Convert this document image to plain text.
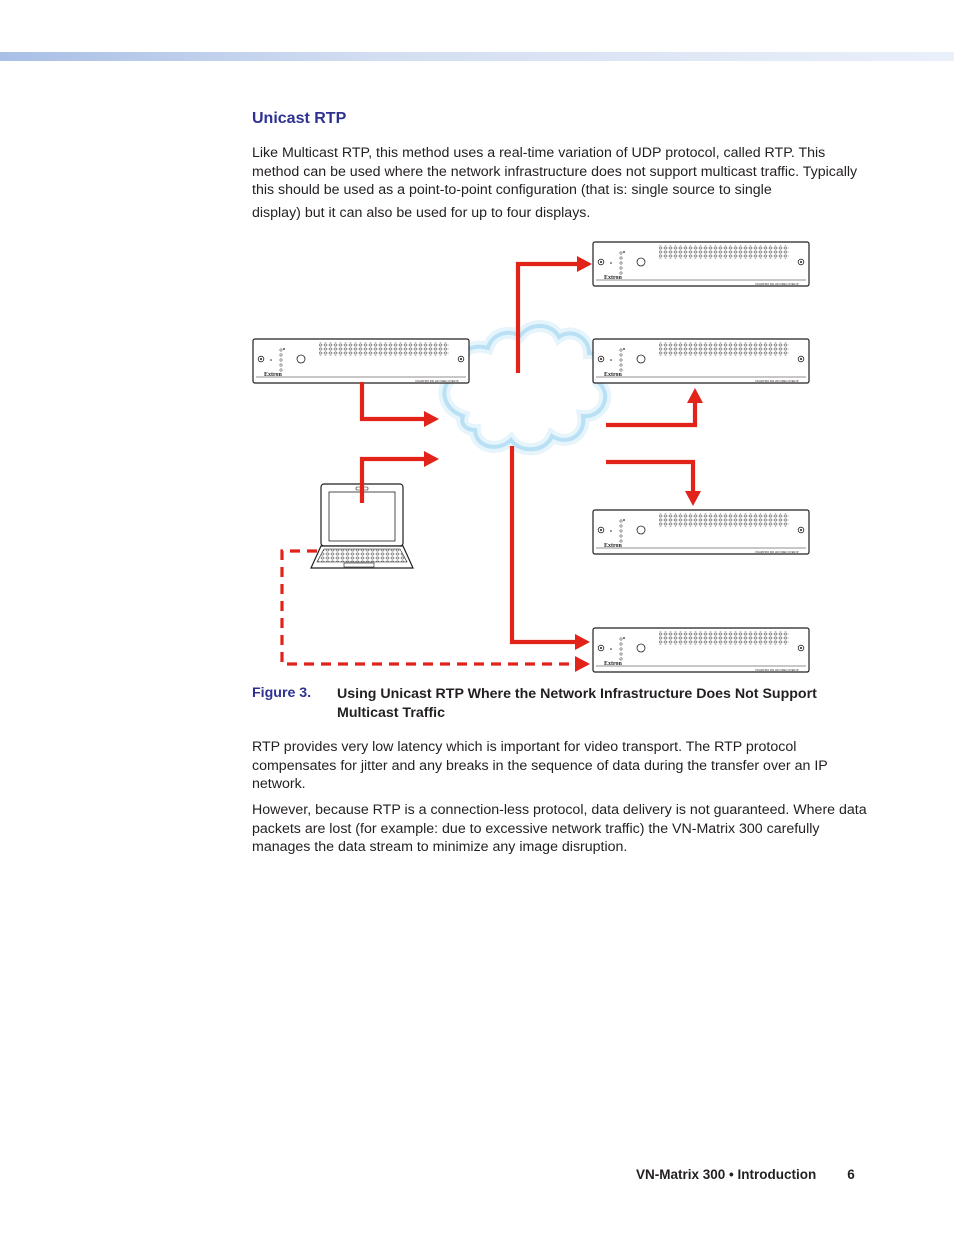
Unicast RTP

Like Multicast RTP, this method uses a real-time variation of UDP protocol, called RTP. This method can be used where the network infrastructure does not support multicast traffic. Typically this should be used as a point-to-point configuration (that is: single source to single
display) but it can also be used for up to four displays.

Extron
VN-MATRIX 300 HD VIDEO OVER IP
Extron
VN-MATRIX 300 HD VIDEO OVER IP
Extron
VN-MATRIX 300 HD VIDEO OVER IP
Extron
VN-MATRIX 300 HD VIDEO OVER IP
Extron
VN-MATRIX 300 HD VIDEO OVER IP
Figure 3. Using Unicast RTP Where the Network Infrastructure Does Not Support Multicast Traffic

RTP provides very low latency which is important for video transport. The RTP protocol compensates for jitter and any breaks in the sequence of data during the transfer over an IP network.

However, because RTP is a connection-less protocol, data delivery is not guaranteed. Where data packets are lost (for example: due to excessive network traffic) the VN-Matrix 300 carefully manages the data stream to minimize any image disruption.

VN-Matrix 300 • Introduction 6
